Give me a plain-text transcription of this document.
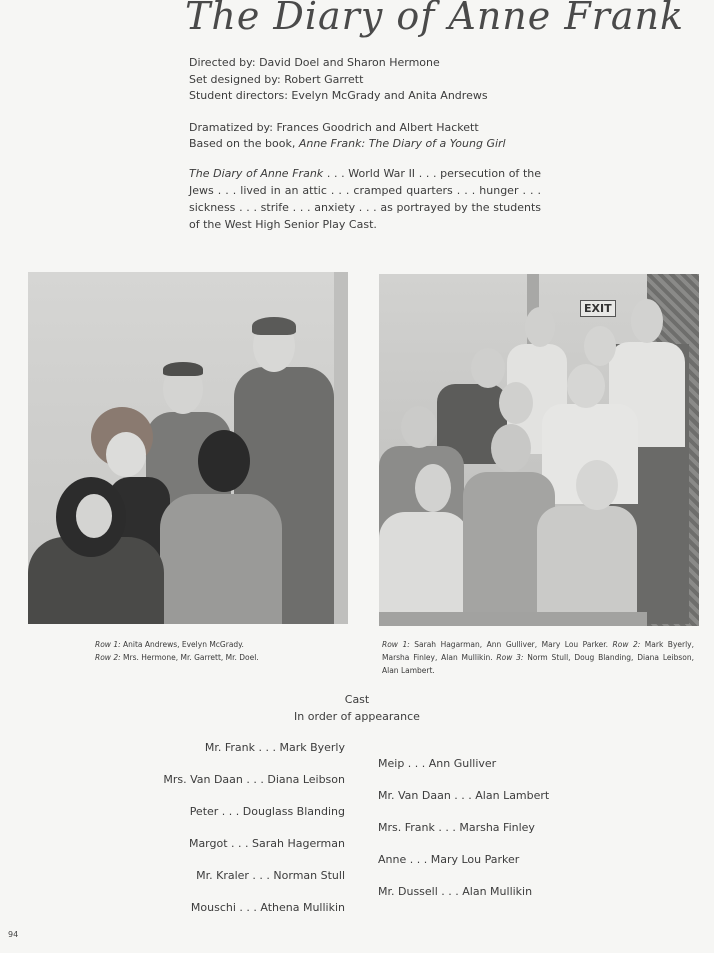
The Diary of Anne Frank
Directed by: David Doel and Sharon Hermone
Set designed by: Robert Garrett
Student directors: Evelyn McGrady and Anita Andrews
Dramatized by: Frances Goodrich and Albert Hackett
Based on the book, Anne Frank: The Diary of a Young Girl
The Diary of Anne Frank . . . World War II . . . persecution of the Jews . . . lived in an attic . . . cramped quarters . . . hunger . . . sickness . . . strife . . . anxiety . . . as portrayed by the students of the West High Senior Play Cast.
EXIT
Row 1: Anita Andrews, Evelyn McGrady.
Row 2: Mrs. Hermone, Mr. Garrett, Mr. Doel.
Row 1: Sarah Hagarman, Ann Gulliver, Mary Lou Parker. Row 2: Mark Byerly, Marsha Finley, Alan Mullikin. Row 3: Norm Stull, Doug Blanding, Diana Leibson, Alan Lambert.
Cast
In order of appearance
Mr. Frank . . . Mark Byerly
Mrs. Van Daan . . . Diana Leibson
Peter . . . Douglass Blanding
Margot . . . Sarah Hagerman
Mr. Kraler . . . Norman Stull
Mouschi . . . Athena Mullikin
Meip . . . Ann Gulliver
Mr. Van Daan . . . Alan Lambert
Mrs. Frank . . . Marsha Finley
Anne . . . Mary Lou Parker
Mr. Dussell . . . Alan Mullikin
94
